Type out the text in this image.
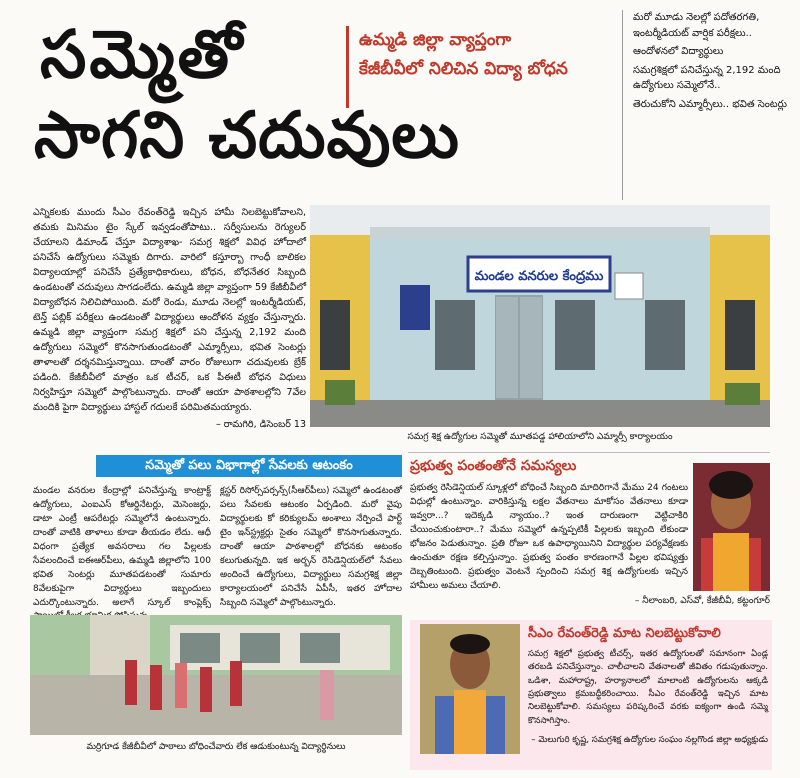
సమ్మెతో
సాగని చదువులు
ఉమ్మడి జిల్లా వ్యాప్తంగా
కేజీబీవీలో నిలిచిన విద్యా బోధన

మరో మూడు నెలల్లో పదోతరగతి, ఇంటర్మీడియట్ వార్షిక పరీక్షలు..

ఆందోళనలో విద్యార్థులు

సమగ్రశిక్షలో పనిచేస్తున్న 2,192 మంది ఉద్యోగులు సమ్మెలోనే..

తెరుచుకోని ఎమ్మార్సీలు.. భవిత సెంటర్లు

ఎన్నికలకు ముందు సీఎం రేవంత్‌రెడ్డి ఇచ్చిన హామీ నిలబెట్టుకోవాలని, తమకు మినిమం టైం స్కేల్‌ ఇవ్వడంతోపాటు.. సర్వీసులను రెగ్యులర్‌ చేయాలని డిమాండ్‌ చేస్తూ విద్యాశాఖ- సమగ్ర శిక్షలో వివిధ హోదాలో పనిచేసే ఉద్యోగులు సమ్మెకు దిగారు. వారిలో కస్తూర్బా గాంధీ బాలికల విద్యాలయాల్లో పనిచేసే ప్రత్యేకాధికారులు, బోధన, బోధనేతర సిబ్బంది ఉండటంతో చదువులు సాగడంలేదు. ఉమ్మడి జిల్లా వ్యాప్తంగా 59 కేజీబీవీలో విద్యాబోధన నిలిచిపోయింది. మరో రెండు, మూడు నెలల్లో ఇంటర్మీడియట్‌, టెన్త్‌ పబ్లిక్‌ పరీక్షలు ఉండటంతో విద్యార్థులు ఆందోళన వ్యక్తం చేస్తున్నారు. ఉమ్మడి జిల్లా వ్యాప్తంగా సమగ్ర శిక్షలో పని చేస్తున్న 2,192 మంది ఉద్యోగులు సమ్మెలో కొనసాగుతుండటంతో ఎమ్మార్సీలు, భవిత సెంటర్లు తాళాలతో దర్శనమిస్తున్నాయి. దాంతో వారం రోజులుగా చదువులకు బ్రేక్‌ పడింది. కేజీబీవీలో మాత్రం ఒక టీచర్‌, ఒక పీఈటీ బోధన విధులు నిర్వహిస్తూ సమ్మెలో పాల్గొంటున్నారు. దాంతో ఆయా పాఠశాలల్లోని 7వేల మందికి పైగా విద్యార్థులు హాస్టల్‌ గదులకే పరిమితమయ్యారు.
– రామగిరి, డిసెంబర్‌ 13
మండల వనరుల కేంద్రము
సమగ్ర శిక్ష ఉద్యోగుల సమ్మెతో మూతపడ్డ హాలియాలోని ఎమ్మార్సీ కార్యాలయం
సమ్మెతో పలు విభాగాల్లో సేవలకు ఆటంకం
మండల వనరుల కేంద్రాల్లో పనిచేస్తున్న కాంట్రాక్ట్‌ ఉద్యోగులు, ఎంఐఎస్‌ కోఆర్డినేటర్లు, మెసెంజర్లు, డాటా ఎంట్రీ ఆపరేటర్లు సమ్మెలోనే ఉంటున్నారు. దాంతో వాటికి తాళాలు కూడా తీయడం లేదు. ఆధీ విధంగా ప్రత్యేక అవసరాలు గల పిల్లలకు సేవలందించే ఐఈఆర్‌పీలు, ఉమ్మడి జిల్లాలోని 100 భవిత సెంటర్లు మూతపడటంతో సుమారు 8వేలకుపైగా విద్యార్థులు ఇబ్బందులు ఎదుర్కొంటున్నారు. అలాగే స్కూల్‌ కాంప్లెక్స్‌
క్లస్టర్‌ రిసోర్స్‌పర్సన్స్‌(సీఆర్‌పీలు) సమ్మెలో ఉండటంతో పలు సేవలకు ఆటంకం ఏర్పడింది. మరో వైపు విద్యార్థులకు కో కరిక్యులమ్‌ అంశాలు నేర్పించే పార్ట్‌ టైం ఇన్‌స్ట్రక్టర్లు సైతం సమ్మెలో కొనసాగుతున్నారు. దాంతో ఆయా పాఠశాలల్లో బోధనకు ఆటంకం కలుగుతున్నది. ఇక అర్బన్‌ రెసిడెన్షియల్‌లో సేవలు అందించే ఉద్యోగులు, విద్యార్థులు సమగ్రశిక్ష జిల్లా కార్యాలయంలో పనిచేసే ఏపీసీ, ఇతర హోదాల సిబ్బంది సమ్మెలో పాల్గొంటున్నారు.
మర్రిగూడ కేజీబీవీలో పాఠాలు బోధించేవారు లేక ఆడుకుంటున్న విద్యార్థినులు
ప్రభుత్వ పంతంతోనే సమస్యలు
ప్రభుత్వ రెసిడెన్షియల్‌ స్కూళ్లలో బోధించే సిబ్బంది మాదిరిగానే మేము 24 గంటలు విధుల్లో ఉంటున్నాం. వారికిస్తున్న లక్షల వేతనాలు మాకోసం వేతనాలు కూడా ఇవ్వరా...? ఇదెక్కడి న్యాయం..? ఇంత దారుణంగా వెట్టిచాకిరి చేయించుకుంటారా..? మేము సమ్మెలో ఉన్నప్పటికీ పిల్లలకు ఇబ్బంది లేకుండా భోజనం పెడుతున్నాం. ప్రతి రోజూ ఒక ఉపాధ్యాయినిని విద్యార్థుల పర్యవేక్షణకు ఉంచుతూ రక్షణ కల్పిస్తున్నాం. ప్రభుత్వ పంతం కారణంగానే పిల్లల భవిష్యత్తు దెబ్బతింటుంది. ప్రభుత్వం వెంటనే స్పందించి సమగ్ర శిక్ష ఉద్యోగులకు ఇచ్చిన హామీలు అమలు చేయాలి.
– నీలాంబరి, ఎస్‌వో, కేజీబీవీ, కట్టంగూర్‌
సీఎం రేవంత్‌రెడ్డి మాట నిలబెట్టుకోవాలి
సమగ్ర శిక్షలో ప్రభుత్వ టీచర్స్‌, ఇతర ఉద్యోగులతో సమానంగా ఏండ్ల తరబడి పనిచేస్తున్నాం. చాలీచాలని వేతనాలతో జీవితం గడుపుతున్నాం. ఒడిశా, మహారాష్ట్ర, హర్యానాలలో మాలాంటి ఉద్యోగులను ఆక్కడి ప్రభుత్వాలు క్రమబద్ధీకరించాయి. సీఎం రేవంత్‌రెడ్డి ఇచ్చిన మాట నిలబెట్టుకోవాలి. సమస్యలు పరిష్కరించే వరకు ఐక్యంగా ఉండి సమ్మె కొనసాగిస్తాం.
– మెలుగురి కృష్ణ, సమగ్రశిక్ష ఉద్యోగుల సంఘం నల్లగొండ జిల్లా అధ్యక్షుడు
